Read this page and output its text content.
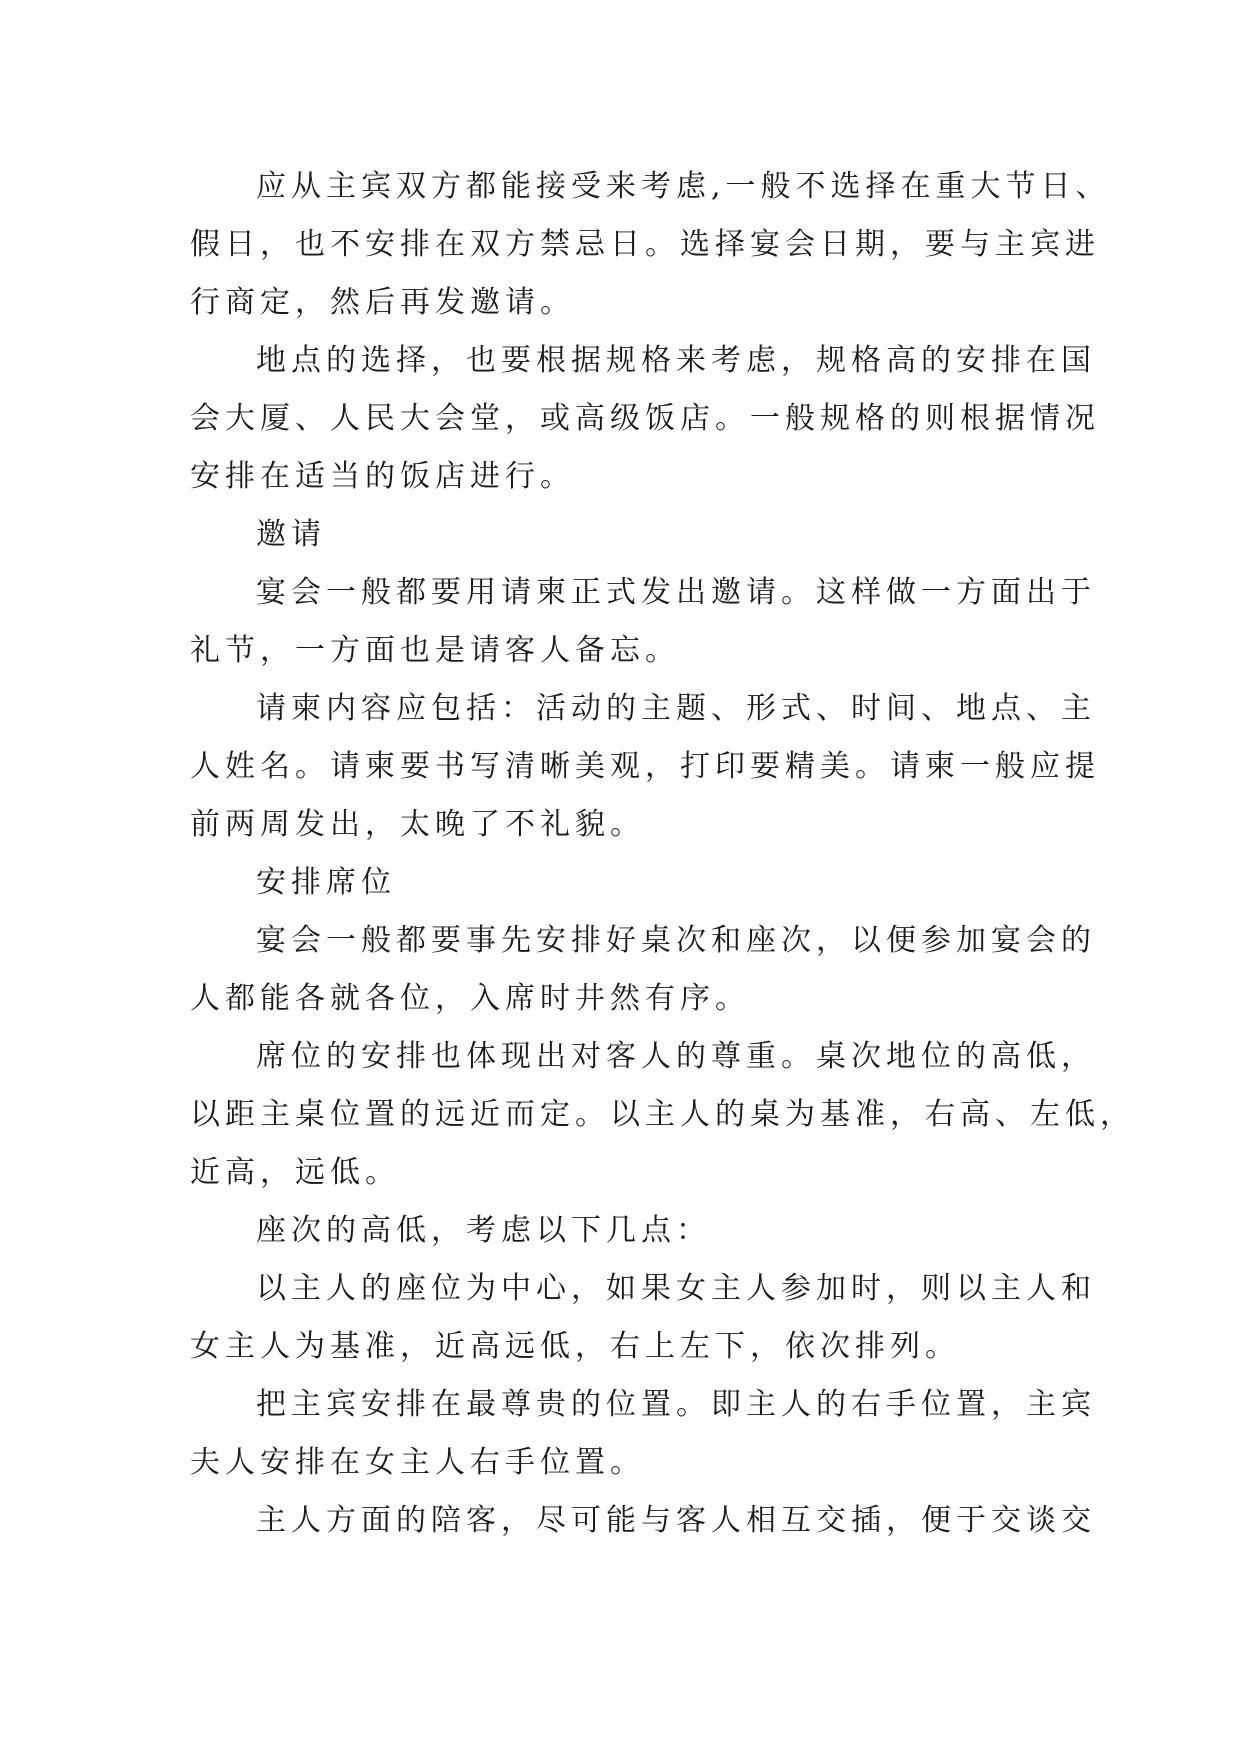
应从主宾双方都能接受来考虑,一般不选择在重大节日、
假日，也不安排在双方禁忌日。选择宴会日期，要与主宾进
行商定，然后再发邀请。

地点的选择，也要根据规格来考虑，规格高的安排在国
会大厦、人民大会堂，或高级饭店。一般规格的则根据情况
安排在适当的饭店进行。

邀请

宴会一般都要用请柬正式发出邀请。这样做一方面出于
礼节，一方面也是请客人备忘。

请柬内容应包括：活动的主题、形式、时间、地点、主
人姓名。请柬要书写清晰美观，打印要精美。请柬一般应提
前两周发出，太晚了不礼貌。

安排席位

宴会一般都要事先安排好桌次和座次，以便参加宴会的
人都能各就各位，入席时井然有序。

席位的安排也体现出对客人的尊重。桌次地位的高低，
以距主桌位置的远近而定。以主人的桌为基准，右高、左低，
近高，远低。

座次的高低，考虑以下几点：

以主人的座位为中心，如果女主人参加时，则以主人和
女主人为基准，近高远低，右上左下，依次排列。

把主宾安排在最尊贵的位置。即主人的右手位置，主宾
夫人安排在女主人右手位置。

主人方面的陪客，尽可能与客人相互交插，便于交谈交
